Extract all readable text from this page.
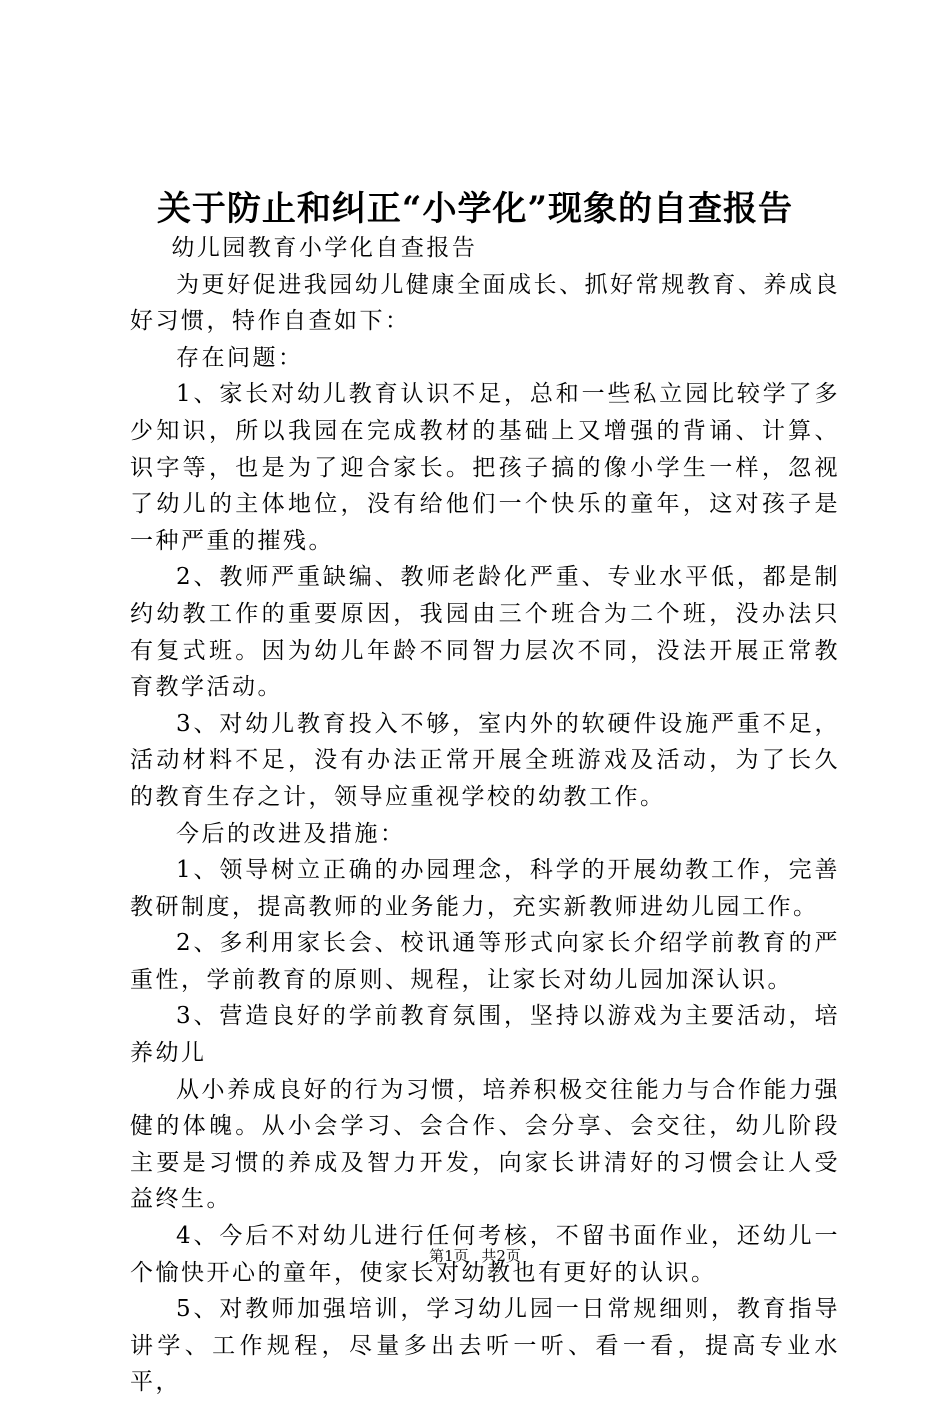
关于防止和纠正“小学化”现象的自查报告

幼儿园教育小学化自查报告

为更好促进我园幼儿健康全面成长、抓好常规教育、养成良好习惯，特作自查如下：

存在问题：

1、家长对幼儿教育认识不足，总和一些私立园比较学了多少知识，所以我园在完成教材的基础上又增强的背诵、计算、识字等，也是为了迎合家长。把孩子搞的像小学生一样，忽视了幼儿的主体地位，没有给他们一个快乐的童年，这对孩子是一种严重的摧残。

2、教师严重缺编、教师老龄化严重、专业水平低，都是制约幼教工作的重要原因，我园由三个班合为二个班，没办法只有复式班。因为幼儿年龄不同智力层次不同，没法开展正常教育教学活动。

3、对幼儿教育投入不够，室内外的软硬件设施严重不足，活动材料不足，没有办法正常开展全班游戏及活动，为了长久的教育生存之计，领导应重视学校的幼教工作。

今后的改进及措施：

1、领导树立正确的办园理念，科学的开展幼教工作，完善教研制度，提高教师的业务能力，充实新教师进幼儿园工作。

2、多利用家长会、校讯通等形式向家长介绍学前教育的严重性，学前教育的原则、规程，让家长对幼儿园加深认识。

3、营造良好的学前教育氛围，坚持以游戏为主要活动，培养幼儿

从小养成良好的行为习惯，培养积极交往能力与合作能力强健的体魄。从小会学习、会合作、会分享、会交往，幼儿阶段主要是习惯的养成及智力开发，向家长讲清好的习惯会让人受益终生。

4、今后不对幼儿进行任何考核，不留书面作业，还幼儿一个愉快开心的童年，使家长对幼教也有更好的认识。

5、对教师加强培训，学习幼儿园一日常规细则，教育指导讲学、工作规程，尽量多出去听一听、看一看，提高专业水平，

第1页 共2页
